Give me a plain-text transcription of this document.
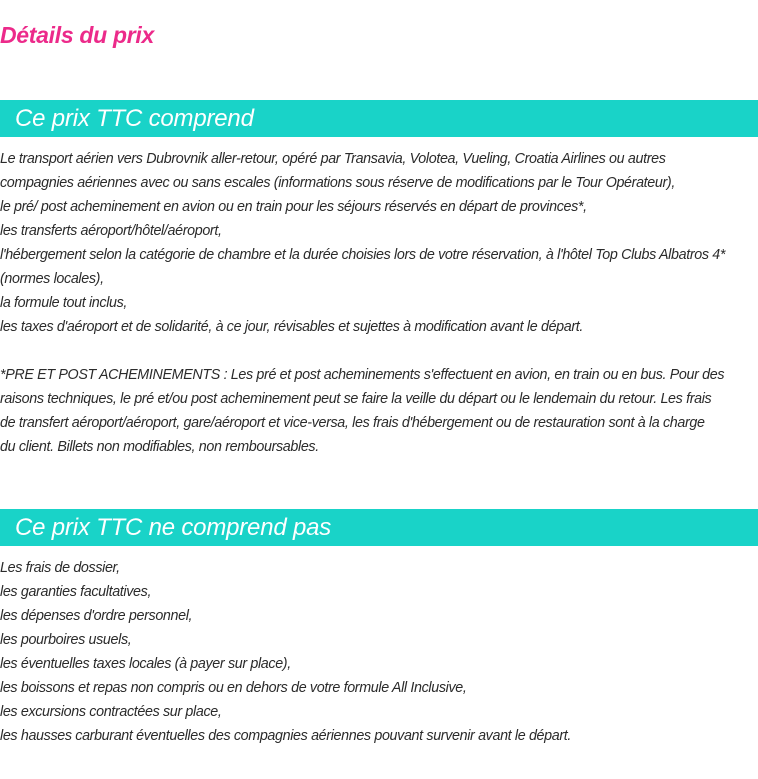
Détails du prix
Ce prix TTC comprend
Le transport aérien vers Dubrovnik aller-retour, opéré par Transavia, Volotea, Vueling, Croatia Airlines ou autres
compagnies aériennes avec ou sans escales (informations sous réserve de modifications par le Tour Opérateur),
le pré/ post acheminement en avion ou en train pour les séjours réservés en départ de provinces*,
les transferts aéroport/hôtel/aéroport,
l'hébergement selon la catégorie de chambre et la durée choisies lors de votre réservation, à l'hôtel Top Clubs Albatros 4*
(normes locales),
la formule tout inclus,
les taxes d'aéroport et de solidarité, à ce jour, révisables et sujettes à modification avant le départ.
*PRE ET POST ACHEMINEMENTS : Les pré et post acheminements s'effectuent en avion, en train ou en bus. Pour des
raisons techniques, le pré et/ou post acheminement peut se faire la veille du départ ou le lendemain du retour. Les frais
de transfert aéroport/aéroport, gare/aéroport et vice-versa, les frais d'hébergement ou de restauration sont à la charge
du client. Billets non modifiables, non remboursables.
Ce prix TTC ne comprend pas
Les frais de dossier,
les garanties facultatives,
les dépenses d'ordre personnel,
les pourboires usuels,
les éventuelles taxes locales (à payer sur place),
les boissons et repas non compris ou en dehors de votre formule All Inclusive,
les excursions contractées sur place,
les hausses carburant éventuelles des compagnies aériennes pouvant survenir avant le départ.
